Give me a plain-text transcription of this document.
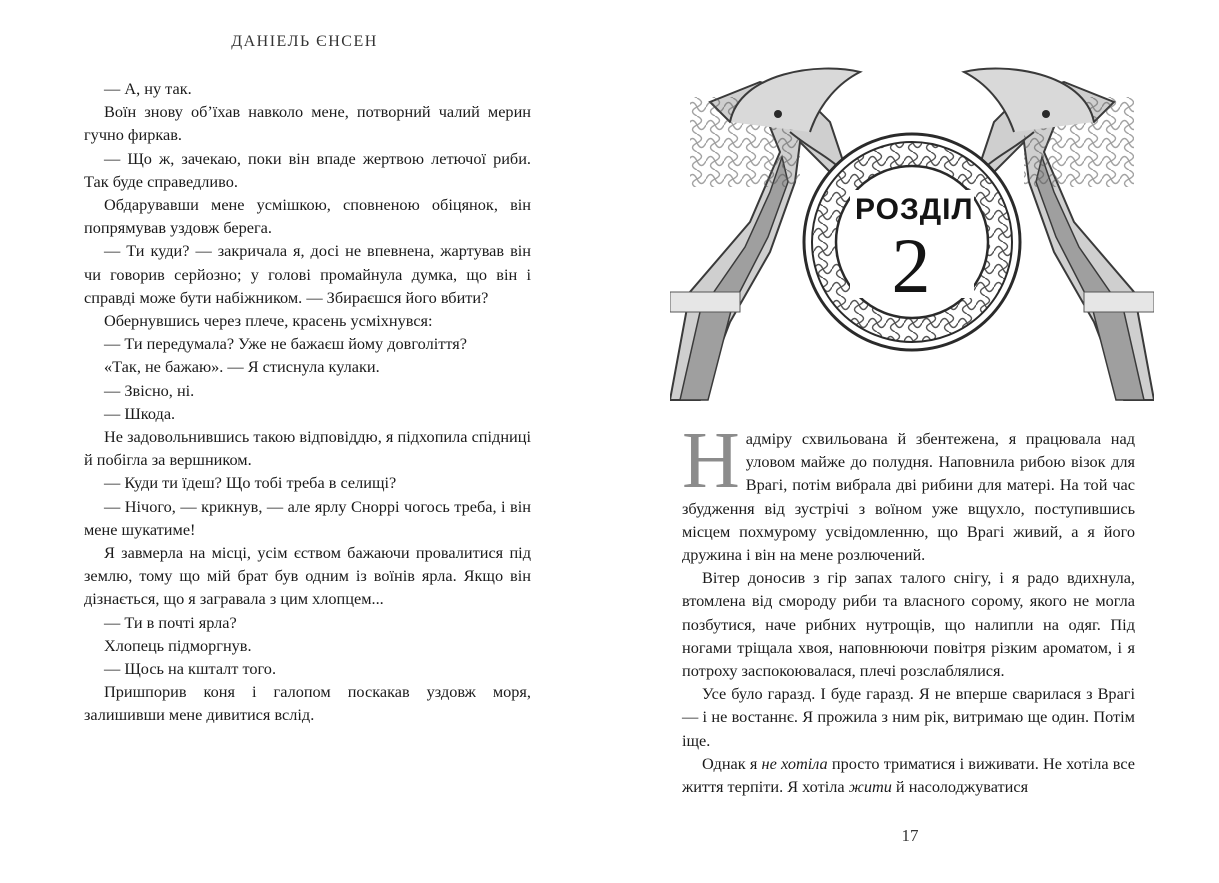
ДАНІЕЛЬ ЄНСЕН

— А, ну так.

Воїн знову об’їхав навколо мене, потворний чалий мерин гучно фиркав.

— Що ж, зачекаю, поки він впаде жертвою летючої риби. Так буде справедливо.

Обдарувавши мене усмішкою, сповненою обіцянок, він попрямував уздовж берега.

— Ти куди? — закричала я, досі не впевнена, жартував він чи говорив серйозно; у голові промайнула думка, що він і справді може бути набіжником. — Збираєшся його вбити?

Обернувшись через плече, красень усміхнувся:

— Ти передумала? Уже не бажаєш йому довголіття?

«Так, не бажаю». — Я стиснула кулаки.

— Звісно, ні.

— Шкода.

Не задовольнившись такою відповіддю, я підхопила спідниці й побігла за вершником.

— Куди ти їдеш? Що тобі треба в селищі?

— Нічого, — крикнув, — але ярлу Сноррі чогось треба, і він мене шукатиме!

Я завмерла на місці, усім єством бажаючи провалитися під землю, тому що мій брат був одним із воїнів ярла. Якщо він дізнається, що я загравала з цим хлопцем...

— Ти в почті ярла?

Хлопець підморгнув.

— Щось на кшталт того.

Пришпорив коня і галопом поскакав уздовж моря, залишивши мене дивитися вслід.

РОЗДІЛ
2

Надміру схвильована й збентежена, я працювала над уловом майже до полудня. Наповнила рибою візок для Врагі, потім вибрала дві рибини для матері. На той час збудження від зустрічі з воїном уже вщухло, поступившись місцем похмурому усвідомленню, що Врагі живий, а я його дружина і він на мене розлючений.

Вітер доносив з гір запах талого снігу, і я радо вдихнула, втомлена від смороду риби та власного сорому, якого не могла позбутися, наче рибних нутрощів, що налипли на одяг. Під ногами тріщала хвоя, наповнюючи повітря різким ароматом, і я потроху заспокоювалася, плечі розслаблялися.

Усе було гаразд. І буде гаразд. Я не вперше сварилася з Врагі — і не востаннє. Я прожила з ним рік, витримаю ще один. Потім іще.

Однак я не хотіла просто триматися і виживати. Не хотіла все життя терпіти. Я хотіла жити й насолоджуватися

17
